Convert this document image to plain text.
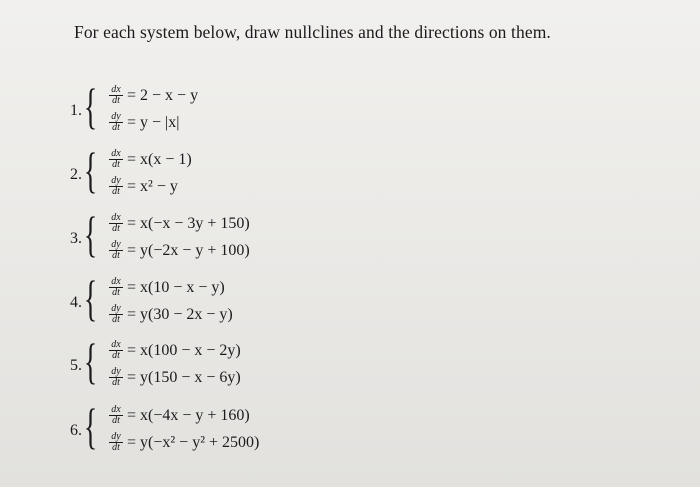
For each system below, draw nullclines and the directions on them.
1. { $\frac{dx}{dt} = 2 - x - y$
$\frac{dy}{dt} = y - |x|$
2. { $\frac{dx}{dt} = x(x - 1)$
$\frac{dy}{dt} = x^2 - y$
3. { $\frac{dx}{dt} = x(-x - 3y + 150)$
$\frac{dy}{dt} = y(-2x - y + 100)$
4. { $\frac{dx}{dt} = x(10 - x - y)$
$\frac{dy}{dt} = y(30 - 2x - y)$
5. { $\frac{dx}{dt} = x(100 - x - 2y)$
$\frac{dy}{dt} = y(150 - x - 6y)$
6. { $\frac{dx}{dt} = x(-4x - y + 160)$
$\frac{dy}{dt} = y(-x^2 - y^2 + 2500)$
